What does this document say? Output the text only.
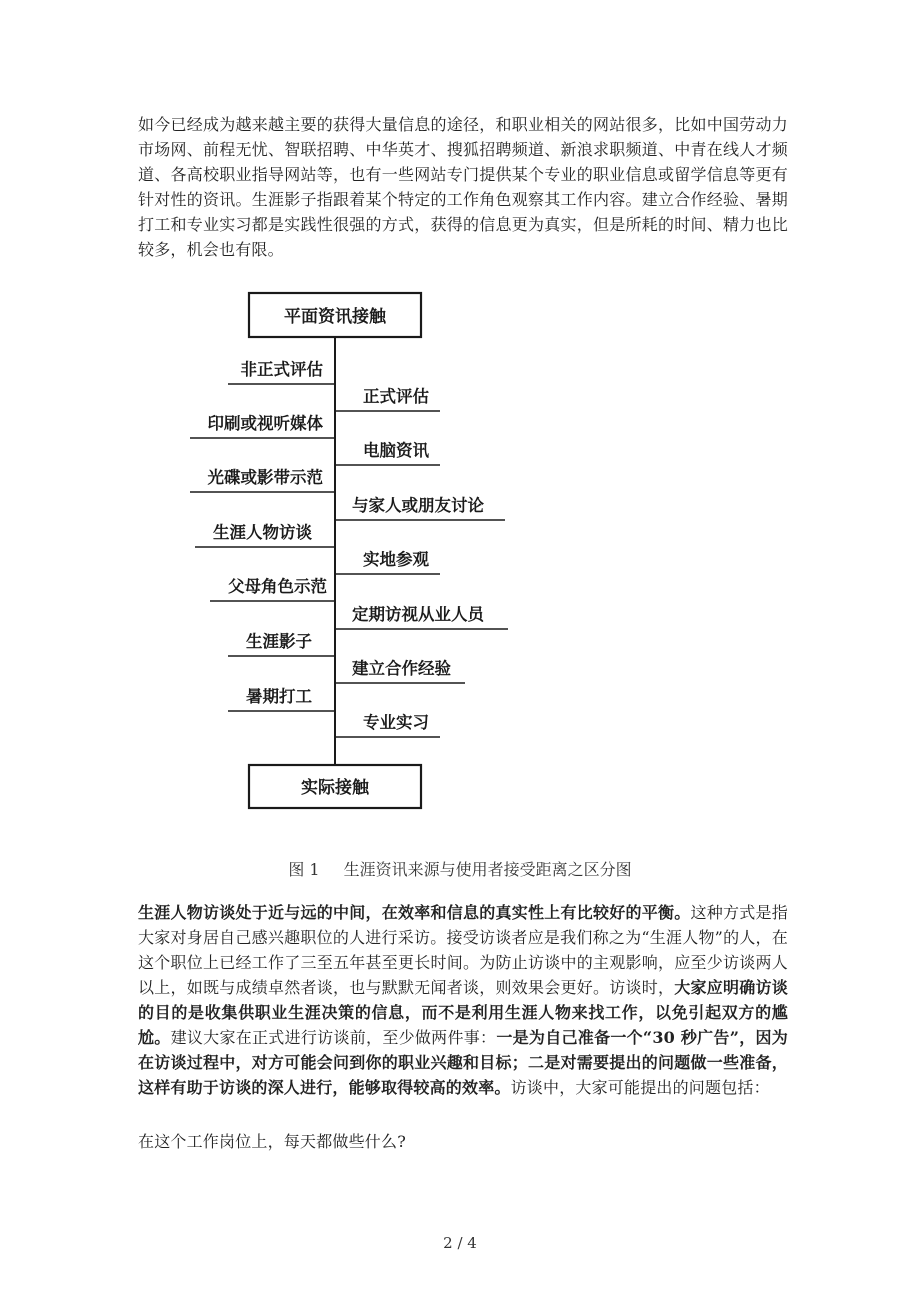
如今已经成为越来越主要的获得大量信息的途径，和职业相关的网站很多，比如中国劳动力市场网、前程无忧、智联招聘、中华英才、搜狐招聘频道、新浪求职频道、中青在线人才频道、各高校职业指导网站等，也有一些网站专门提供某个专业的职业信息或留学信息等更有针对性的资讯。生涯影子指跟着某个特定的工作角色观察其工作内容。建立合作经验、暑期打工和专业实习都是实践性很强的方式，获得的信息更为真实，但是所耗的时间、精力也比较多，机会也有限。

平面资讯接触
实际接触
非正式评估
印刷或视听媒体
光碟或影带示范
生涯人物访谈
父母角色示范
生涯影子
暑期打工
正式评估
电脑资讯
与家人或朋友讨论
实地参观
定期访视从业人员
建立合作经验
专业实习
图 1 生涯资讯来源与使用者接受距离之区分图

生涯人物访谈处于近与远的中间，在效率和信息的真实性上有比较好的平衡。这种方式是指大家对身居自己感兴趣职位的人进行采访。接受访谈者应是我们称之为“生涯人物”的人，在这个职位上已经工作了三至五年甚至更长时间。为防止访谈中的主观影响，应至少访谈两人以上，如既与成绩卓然者谈，也与默默无闻者谈，则效果会更好。访谈时，大家应明确访谈的目的是收集供职业生涯决策的信息，而不是利用生涯人物来找工作，以免引起双方的尴尬。建议大家在正式进行访谈前，至少做两件事：一是为自己准备一个“30 秒广告”，因为在访谈过程中，对方可能会问到你的职业兴趣和目标；二是对需要提出的问题做一些准备，这样有助于访谈的深人进行，能够取得较高的效率。访谈中，大家可能提出的问题包括：

在这个工作岗位上，每天都做些什么?

2 / 4
